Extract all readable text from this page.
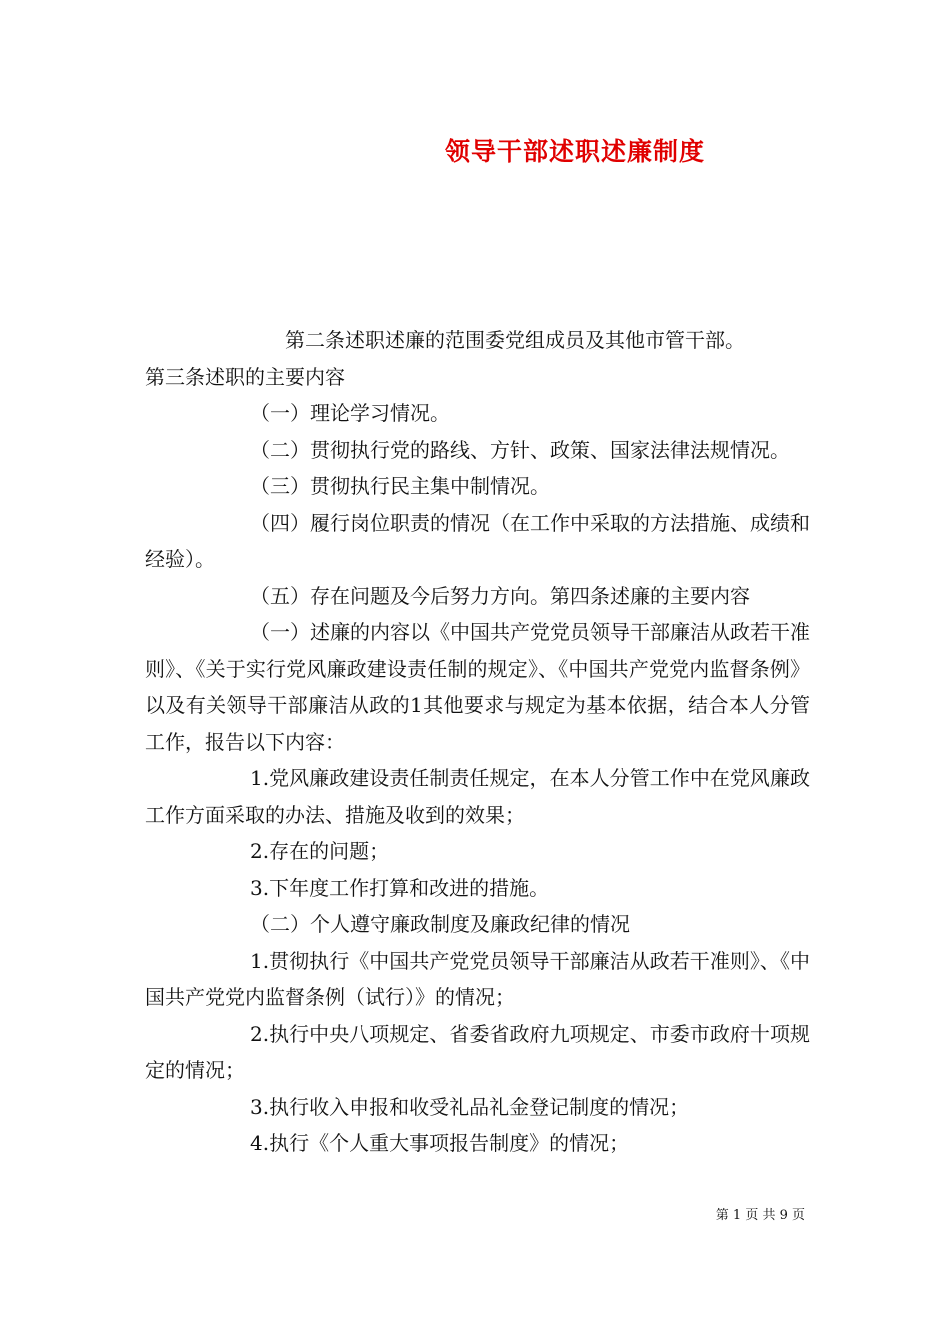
领导干部述职述廉制度

第二条述职述廉的范围委党组成员及其他市管干部。

第三条述职的主要内容

（一）理论学习情况。

（二）贯彻执行党的路线、方针、政策、国家法律法规情况。

（三）贯彻执行民主集中制情况。

（四）履行岗位职责的情况（在工作中采取的方法措施、成绩和经验）。

（五）存在问题及今后努力方向。第四条述廉的主要内容

（一）述廉的内容以《中国共产党党员领导干部廉洁从政若干准则》、《关于实行党风廉政建设责任制的规定》、《中国共产党党内监督条例》以及有关领导干部廉洁从政的1其他要求与规定为基本依据，结合本人分管工作，报告以下内容：

1.党风廉政建设责任制责任规定，在本人分管工作中在党风廉政工作方面采取的办法、措施及收到的效果；

2.存在的问题；

3.下年度工作打算和改进的措施。

（二）个人遵守廉政制度及廉政纪律的情况

1.贯彻执行《中国共产党党员领导干部廉洁从政若干准则》、《中国共产党党内监督条例（试行）》的情况；

2.执行中央八项规定、省委省政府九项规定、市委市政府十项规定的情况；

3.执行收入申报和收受礼品礼金登记制度的情况；

4.执行《个人重大事项报告制度》的情况；

第 1 页 共 9 页
